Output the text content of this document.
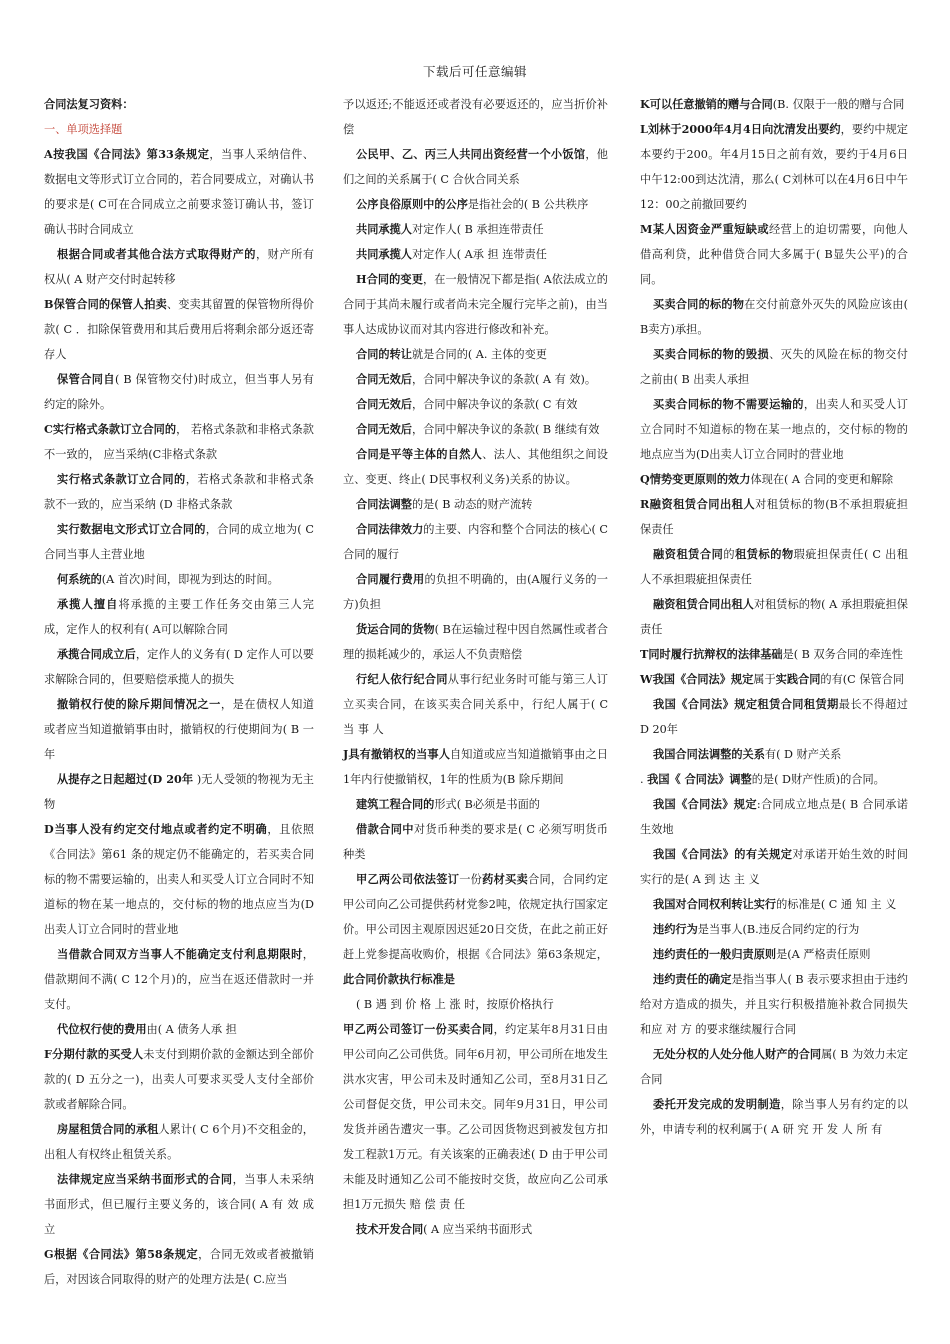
下载后可任意编辑

合同法复习资料：

一、单项选择题

A按我国《合同法》第33条规定，当事人采纳信件、数据电文等形式订立合同的，若合同要成立，对确认书的要求是( C可在合同成立之前要求签订确认书，签订确认书时合同成立

根据合同或者其他合法方式取得财产的，财产所有权从( A 财产交付时起转移

B保管合同的保管人拍卖、变卖其留置的保管物所得价款( C ．扣除保管费用和其后费用后将剩余部分返还寄存人

保管合同自( B 保管物交付)时成立，但当事人另有约定的除外。

C实行格式条款订立合同的， 若格式条款和非格式条款不一致的， 应当采纳(C非格式条款

实行格式条款订立合同的，若格式条款和非格式条款不一致的，应当采纳 (D 非格式条款

实行数据电文形式订立合同的，合同的成立地为( C合同当事人主营业地

何系统的(A 首次)时间，即视为到达的时间。

承揽人擅自将承揽的主要工作任务交由第三人完成，定作人的权利有( A可以解除合同

承揽合同成立后，定作人的义务有( D 定作人可以要求解除合同的，但要赔偿承揽人的损失

撤销权行使的除斥期间情况之一，是在债权人知道或者应当知道撤销事由时，撤销权的行使期间为( B 一年

从提存之日起超过(D 20年 )无人受领的物视为无主物

D当事人没有约定交付地点或者约定不明确，且依照《合同法》第61 条的规定仍不能确定的，若买卖合同标的物不需要运输的，出卖人和买受人订立合同时不知道标的物在某一地点的，交付标的物的地点应当为(D 出卖人订立合同时的营业地

当借款合同双方当事人不能确定支付利息期限时，借款期间不满( C 12个月)的，应当在返还借款时一并支付。

代位权行使的费用由( A 债务人承 担

F分期付款的买受人未支付到期价款的金额达到全部价款的( D 五分之一)，出卖人可要求买受人支付全部价款或者解除合同。

房屋租赁合同的承租人累计( C 6个月)不交租金的，出租人有权终止租赁关系。

法律规定应当采纳书面形式的合同，当事人未采纳书面形式，但已履行主要义务的，该合同( A 有 效 成 立

G根据《合同法》第58条规定，合同无效或者被撤销后，对因该合同取得的财产的处理方法是( C.应当

予以返还;不能返还或者没有必要返还的，应当折价补偿

公民甲、乙、丙三人共同出资经营一个小饭馆，他们之间的关系属于( C 合伙合同关系

公序良俗原则中的公序是指社会的( B 公共秩序

共同承揽人对定作人( B 承担连带责任

共同承揽人对定作人( A承 担 连带责任

H合同的变更，在一般情况下都是指( A依法成立的合同于其尚未履行或者尚未完全履行完毕之前)，由当事人达成协议而对其内容进行修改和补充。

合同的转让就是合同的( A. 主体的变更

合同无效后，合同中解决争议的条款( A 有 效)。

合同无效后，合同中解决争议的条款( C 有效

合同无效后，合同中解决争议的条款( B 继续有效

合同是平等主体的自然人、法人、其他组织之间设立、变更、终止( D民事权利义务)关系的协议。

合同法调整的是( B 动态的财产流转

合同法律效力的主要、内容和整个合同法的核心( C 合同的履行

合同履行费用的负担不明确的，由(A履行义务的一方)负担

货运合同的货物( B在运输过程中因自然属性或者合理的损耗减少的，承运人不负责赔偿

行纪人依行纪合同从事行纪业务时可能与第三人订立买卖合同，在该买卖合同关系中，行纪人属于( C 当 事 人

J具有撤销权的当事人自知道或应当知道撤销事由之日1年内行使撤销权，1年的性质为(B 除斥期间

建筑工程合同的形式( B必须是书面的

借款合同中对货币种类的要求是( C 必须写明货币种类

甲乙两公司依法签订一份药材买卖合同，合同约定甲公司向乙公司提供药材党参2吨，依规定执行国家定价。甲公司因主观原因迟延20日交货，在此之前正好赶上党参提高收购价，根据《合同法》第63条规定，此合同价款执行标准是

( B 遇 到 价 格 上 涨 时，按原价格执行

甲乙两公司签订一份买卖合同，约定某年8月31日由甲公司向乙公司供货。同年6月初，甲公司所在地发生洪水灾害，甲公司未及时通知乙公司，至8月31日乙公司督促交货，甲公司未交。同年9月31日，甲公司发货并函告遭灾一事。乙公司因货物迟到被发包方扣发工程款1万元。有关该案的正确表述( D 由于甲公司未能及时通知乙公司不能按时交货，故应向乙公司承担1万元损失 赔 偿 责 任

技术开发合同( A 应当采纳书面形式

K可以任意撤销的赠与合同(B. 仅限于一般的赠与合同

L刘林于2000年4月4日向沈清发出要约，要约中规定本要约于200。年4月15日之前有效，要约于4月6日中午12:00到达沈清，那么( C刘林可以在4月6日中午12：00之前撤回要约

M某人因资金严重短缺或经营上的迫切需要，向他人借高利贷，此种借贷合同大多属于( B显失公平)的合同。

买卖合同的标的物在交付前意外灭失的风险应该由( B卖方)承担。

买卖合同标的物的毁损、灭失的风险在标的物交付之前由( B 出卖人承担

买卖合同标的物不需要运输的，出卖人和买受人订立合同时不知道标的物在某一地点的，交付标的物的地点应当为(D出卖人订立合同时的营业地

Q情势变更原则的效力体现在( A 合同的变更和解除

R融资租赁合同出租人对租赁标的物(B不承担瑕疵担保责任

融资租赁合同的租赁标的物瑕疵担保责任( C 出租人不承担瑕疵担保责任

融资租赁合同出租人对租赁标的物( A 承担瑕疵担保责任

T同时履行抗辩权的法律基础是( B 双务合同的牵连性

W我国《合同法》规定属于实践合同的有(C 保管合同

我国《合同法》规定租赁合同租赁期最长不得超过D 20年

我国合同法调整的关系有( D 财产关系

. 我国《 合同法》调整的是( D财产性质)的合同。

我国《合同法》规定:合同成立地点是( B 合同承诺生效地

我国《合同法》的有关规定对承诺开始生效的时间实行的是( A 到 达 主 义

我国对合同权利转让实行的标准是( C 通 知 主 义

违约行为是当事人(B.违反合同约定的行为

违约责任的一般归责原则是(A 严格责任原则

违约责任的确定是指当事人( B 表示要求担由于违约给对方造成的损失，并且实行积极措施补救合同损失和应 对 方 的要求继续履行合同

无处分权的人处分他人财产的合同属( B 为效力未定合同

委托开发完成的发明制造，除当事人另有约定的以外，申请专利的权利属于( A 研 究 开 发 人 所 有
